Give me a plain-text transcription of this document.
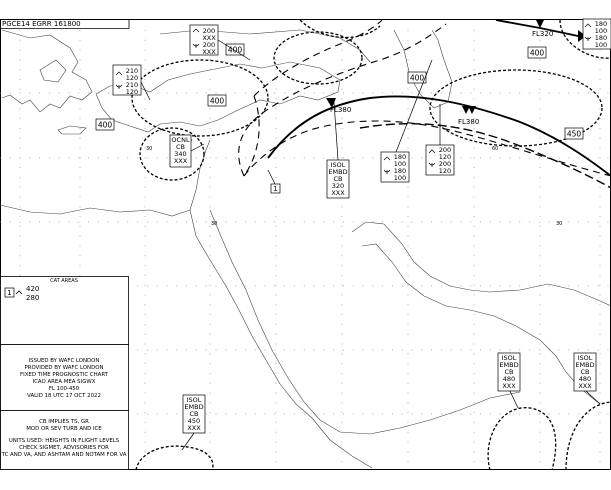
PGCE14 EGRR 161800
30	30
60
30
FL320
FL380
FL380
400
400
400
400
400
450
OCNL
CB
340
XXX	ISOL
EMBD
CB
320
XXX
ISOL
EMBD
CB
450
XXX
ISOL
EMBD
CB
480
XXX
ISOL
EMBD
CB
480
XXX
200
XXX
200
XXX
210
120
210
120
180
100
180
100
200
120
200
120
180
100
180
100
1
CAT AREAS
1 420
280
ISSUED BY WAFC LONDON
PROVIDED BY WAFC LONDON
FIXED TIME PROGNOSTIC CHART
ICAO AREA MEA SIGWX
FL 100-450
VALID 18 UTC 17 OCT 2022
CB IMPLIES TS, GR
MOD OR SEV TURB AND ICE
UNITS USED: HEIGHTS IN FLIGHT LEVELS
CHECK SIGMET, ADVISORIES FOR
TC AND VA, AND ASHTAM AND NOTAM FOR VA
